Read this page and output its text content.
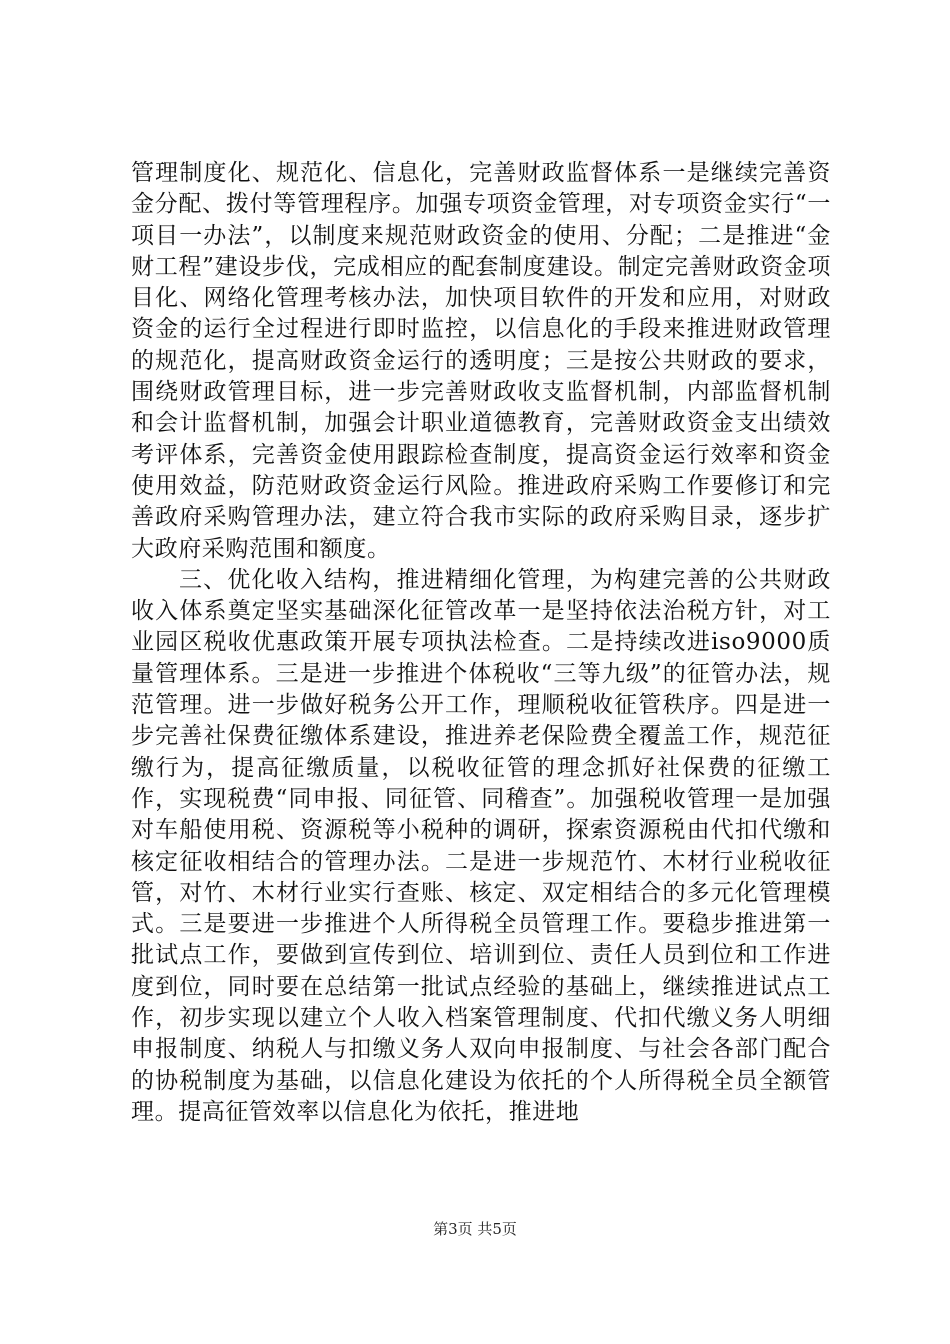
管理制度化、规范化、信息化，完善财政监督体系一是继续完善资金分配、拨付等管理程序。加强专项资金管理，对专项资金实行“一项目一办法”，以制度来规范财政资金的使用、分配；二是推进“金财工程”建设步伐，完成相应的配套制度建设。制定完善财政资金项目化、网络化管理考核办法，加快项目软件的开发和应用，对财政资金的运行全过程进行即时监控，以信息化的手段来推进财政管理的规范化，提高财政资金运行的透明度；三是按公共财政的要求，围绕财政管理目标，进一步完善财政收支监督机制，内部监督机制和会计监督机制，加强会计职业道德教育，完善财政资金支出绩效考评体系，完善资金使用跟踪检查制度，提高资金运行效率和资金使用效益，防范财政资金运行风险。推进政府采购工作要修订和完善政府采购管理办法，建立符合我市实际的政府采购目录，逐步扩大政府采购范围和额度。

三、优化收入结构，推进精细化管理，为构建完善的公共财政收入体系奠定坚实基础深化征管改革一是坚持依法治税方针，对工业园区税收优惠政策开展专项执法检查。二是持续改进iso9000质量管理体系。三是进一步推进个体税收“三等九级”的征管办法，规范管理。进一步做好税务公开工作，理顺税收征管秩序。四是进一步完善社保费征缴体系建设，推进养老保险费全覆盖工作，规范征缴行为，提高征缴质量，以税收征管的理念抓好社保费的征缴工作，实现税费“同申报、同征管、同稽查”。加强税收管理一是加强对车船使用税、资源税等小税种的调研，探索资源税由代扣代缴和核定征收相结合的管理办法。二是进一步规范竹、木材行业税收征管，对竹、木材行业实行查账、核定、双定相结合的多元化管理模式。三是要进一步推进个人所得税全员管理工作。要稳步推进第一批试点工作，要做到宣传到位、培训到位、责任人员到位和工作进度到位，同时要在总结第一批试点经验的基础上，继续推进试点工作，初步实现以建立个人收入档案管理制度、代扣代缴义务人明细申报制度、纳税人与扣缴义务人双向申报制度、与社会各部门配合的协税制度为基础，以信息化建设为依托的个人所得税全员全额管理。提高征管效率以信息化为依托，推进地

第3页 共5页
